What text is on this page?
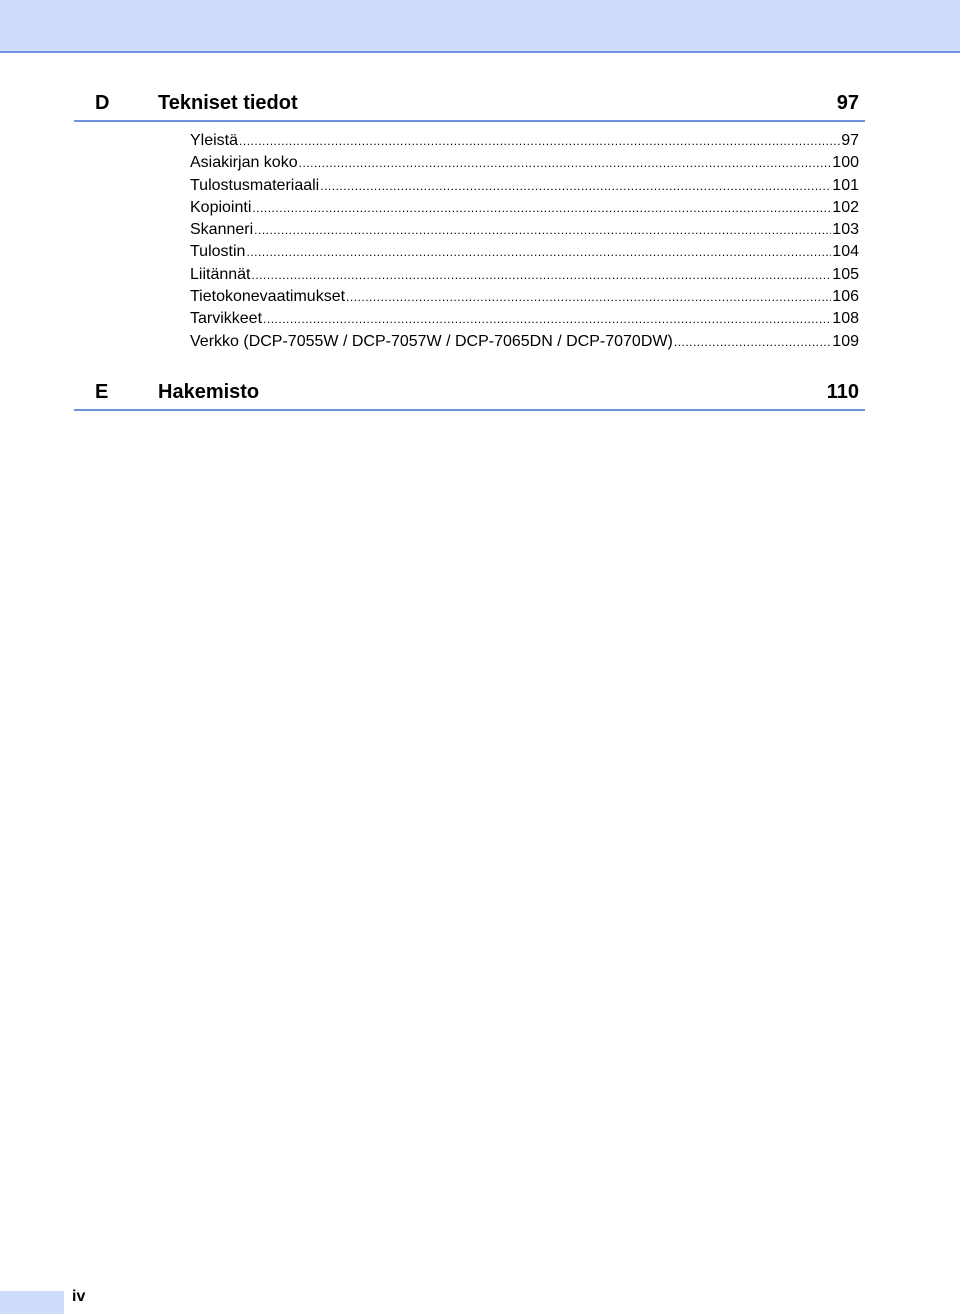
D Tekniset tiedot	97
Yleistä .....	97
Asiakirjan koko .....	100
Tulostusmateriaali .....	101
Kopiointi .....	102
Skanneri .....	103
Tulostin .....	104
Liitännät .....	105
Tietokonevaatimukset .....	106
Tarvikkeet .....	108
Verkko (DCP-7055W / DCP-7057W / DCP-7065DN / DCP-7070DW) .....	109
E Hakemisto	110
iv
